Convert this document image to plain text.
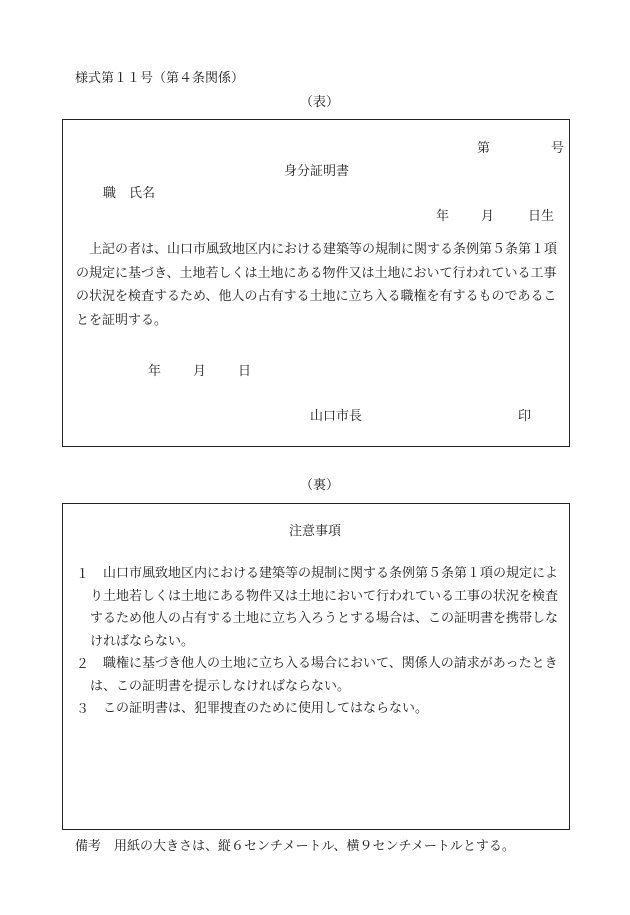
様式第１１号（第４条関係）
（表）
第	号
身分証明書
職　氏名
年 月	日生
　上記の者は、山口市風致地区内における建築等の規制に関する条例第５条第１項の規定に基づき、土地若しくは土地にある物件又は土地において行われている工事の状況を検査するため、他人の占有する土地に立ち入る職権を有するものであることを証明する。
年 月 日
山口市長	印
（裏）
注意事項
１	山口市風致地区内における建築等の規制に関する条例第５条第１項の規定により土地若しくは土地にある物件又は土地において行われている工事の状況を検査するため他人の占有する土地に立ち入ろうとする場合は、この証明書を携帯しなければならない。
２	職権に基づき他人の土地に立ち入る場合において、関係人の請求があったときは、この証明書を提示しなければならない。
３	この証明書は、犯罪捜査のために使用してはならない。
備考　用紙の大きさは、縦６センチメートル、横９センチメートルとする。
